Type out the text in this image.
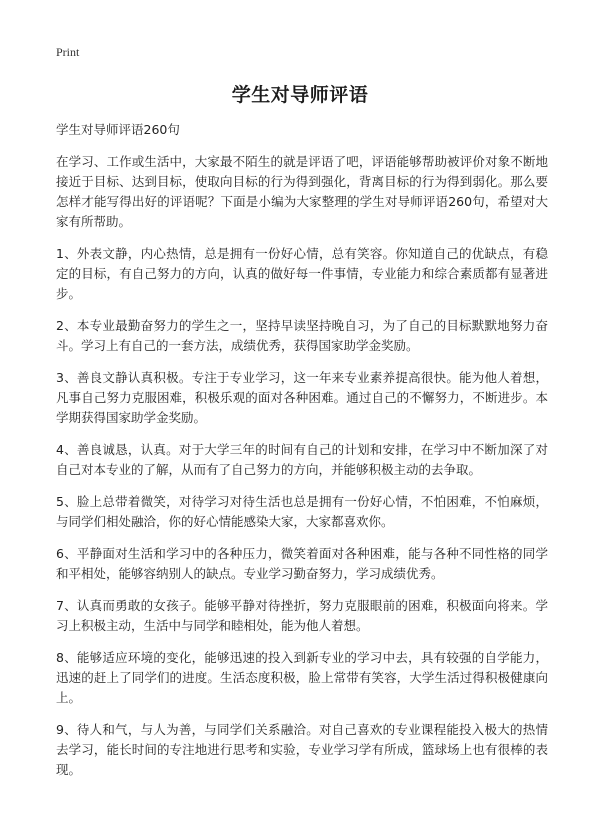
Print
学生对导师评语

学生对导师评语260句

在学习、工作或生活中，大家最不陌生的就是评语了吧，评语能够帮助被评价对象不断地接近于目标、达到目标，使取向目标的行为得到强化，背离目标的行为得到弱化。那么要怎样才能写得出好的评语呢？下面是小编为大家整理的学生对导师评语260句，希望对大家有所帮助。

1、外表文静，内心热情，总是拥有一份好心情，总有笑容。你知道自己的优缺点，有稳定的目标，有自己努力的方向，认真的做好每一件事情，专业能力和综合素质都有显著进步。

2、本专业最勤奋努力的学生之一，坚持早读坚持晚自习，为了自己的目标默默地努力奋斗。学习上有自己的一套方法，成绩优秀，获得国家助学金奖励。

3、善良文静认真积极。专注于专业学习，这一年来专业素养提高很快。能为他人着想，凡事自己努力克服困难，积极乐观的面对各种困难。通过自己的不懈努力，不断进步。本学期获得国家助学金奖励。

4、善良诚恳，认真。对于大学三年的时间有自己的计划和安排，在学习中不断加深了对自己对本专业的了解，从而有了自己努力的方向，并能够积极主动的去争取。

5、脸上总带着微笑，对待学习对待生活也总是拥有一份好心情，不怕困难，不怕麻烦，与同学们相处融洽，你的好心情能感染大家，大家都喜欢你。

6、平静面对生活和学习中的各种压力，微笑着面对各种困难，能与各种不同性格的同学和平相处，能够容纳别人的缺点。专业学习勤奋努力，学习成绩优秀。

7、认真而勇敢的女孩子。能够平静对待挫折，努力克服眼前的困难，积极面向将来。学习上积极主动，生活中与同学和睦相处，能为他人着想。

8、能够适应环境的变化，能够迅速的投入到新专业的学习中去，具有较强的自学能力，迅速的赶上了同学们的进度。生活态度积极，脸上常带有笑容，大学生活过得积极健康向上。

9、待人和气，与人为善，与同学们关系融洽。对自己喜欢的专业课程能投入极大的热情去学习，能长时间的专注地进行思考和实验，专业学习学有所成，篮球场上也有很棒的表现。
